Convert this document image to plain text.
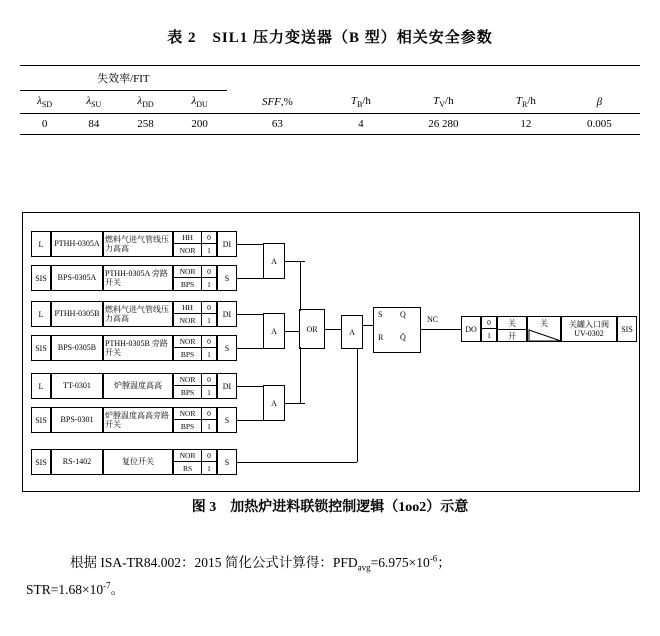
表 2　SIL1 压力变送器（B 型）相关安全参数
失效率/FIT								
$\lambda_{SD}$	$\lambda_{SU}$	$\lambda_{DD}$	$\lambda_{DU}$	SFF,%	$T_B/h$	$T_V/h$	$T_R/h$	β
0	84	258	200	63	4	26 280	12	0.005
L	PTHH-0305A
燃料气进气管线压力高高
HH	0
NOR	1
DI
SIS	BPS-0305A
PTHH-0305A 旁路开关
NOR	0
BPS	1
S
L	PTHH-0305B
燃料气进气管线压力高高
HH	0
NOR	1
DI
SIS	BPS-0305B
PTHH-0305B 旁路开关
NOR	0
BPS	1
S
L	TT-0301	炉膛温度高高
NOR	0
BPS	1
DI
SIS	BPS-0301
炉膛温度高高旁路开关
NOR	0
BPS	1
S
SIS	RS-1402	复位开关
NOR	0
RS	1
S
A
A
A
OR	A
S
R
Q
Q̄
NC
DO
0
1
关
开
关	关罐入口阀
UV-0302	SIS
图 3　加热炉进料联锁控制逻辑（1oo2）示意

根据 ISA-TR84.002：2015 简化公式计算得：$PFD_{avg}=6.975\times 10^{-6}$；

$STR=1.68\times 10^{-7}$。
